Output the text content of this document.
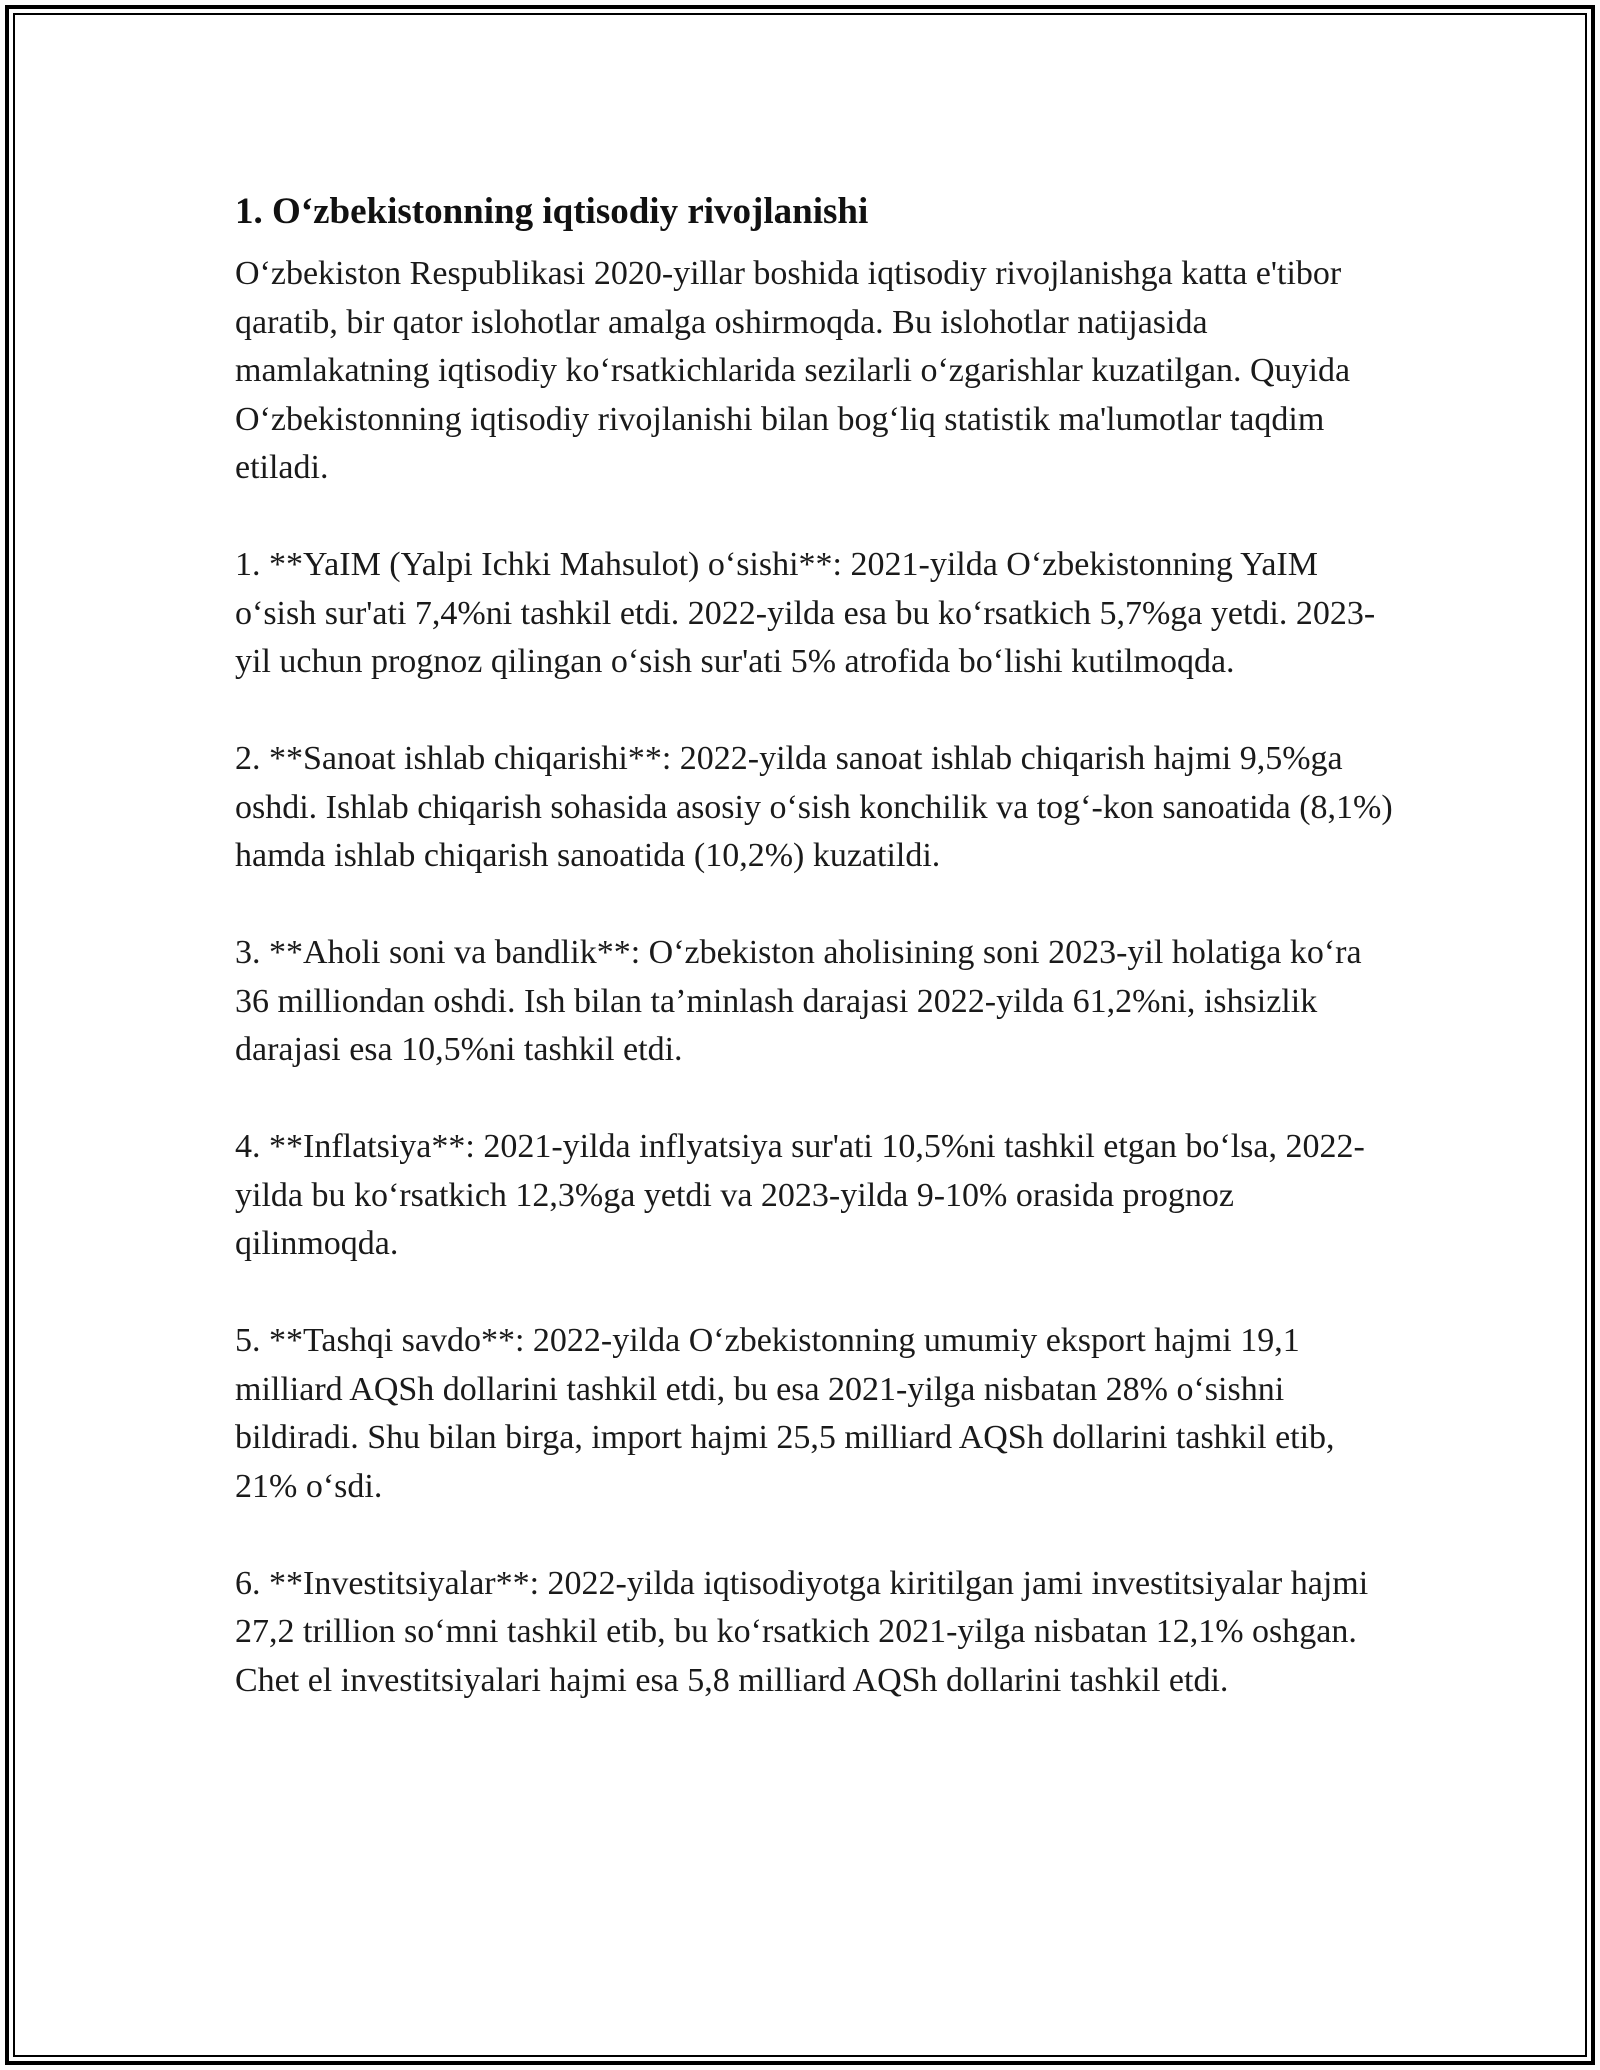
1. Oʻzbekistonning iqtisodiy rivojlanishi

Oʻzbekiston Respublikasi 2020-yillar boshida iqtisodiy rivojlanishga katta e'tibor qaratib, bir qator islohotlar amalga oshirmoqda. Bu islohotlar natijasida mamlakatning iqtisodiy koʻrsatkichlarida sezilarli oʻzgarishlar kuzatilgan. Quyida Oʻzbekistonning iqtisodiy rivojlanishi bilan bogʻliq statistik ma'lumotlar taqdim etiladi.

1. **YaIM (Yalpi Ichki Mahsulot) oʻsishi**: 2021-yilda Oʻzbekistonning YaIM oʻsish sur'ati 7,4%ni tashkil etdi. 2022-yilda esa bu koʻrsatkich 5,7%ga yetdi. 2023-yil uchun prognoz qilingan oʻsish sur'ati 5% atrofida boʻlishi kutilmoqda.

2. **Sanoat ishlab chiqarishi**: 2022-yilda sanoat ishlab chiqarish hajmi 9,5%ga oshdi. Ishlab chiqarish sohasida asosiy oʻsish konchilik va togʻ-kon sanoatida (8,1%) hamda ishlab chiqarish sanoatida (10,2%) kuzatildi.

3. **Aholi soni va bandlik**: Oʻzbekiston aholisining soni 2023-yil holatiga koʻra 36 milliondan oshdi. Ish bilan ta’minlash darajasi 2022-yilda 61,2%ni, ishsizlik darajasi esa 10,5%ni tashkil etdi.

4. **Inflatsiya**: 2021-yilda inflyatsiya sur'ati 10,5%ni tashkil etgan boʻlsa, 2022-yilda bu koʻrsatkich 12,3%ga yetdi va 2023-yilda 9-10% orasida prognoz qilinmoqda.

5. **Tashqi savdo**: 2022-yilda Oʻzbekistonning umumiy eksport hajmi 19,1 milliard AQSh dollarini tashkil etdi, bu esa 2021-yilga nisbatan 28% oʻsishni bildiradi. Shu bilan birga, import hajmi 25,5 milliard AQSh dollarini tashkil etib, 21% oʻsdi.

6. **Investitsiyalar**: 2022-yilda iqtisodiyotga kiritilgan jami investitsiyalar hajmi 27,2 trillion soʻmni tashkil etib, bu koʻrsatkich 2021-yilga nisbatan 12,1% oshgan. Chet el investitsiyalari hajmi esa 5,8 milliard AQSh dollarini tashkil etdi.
